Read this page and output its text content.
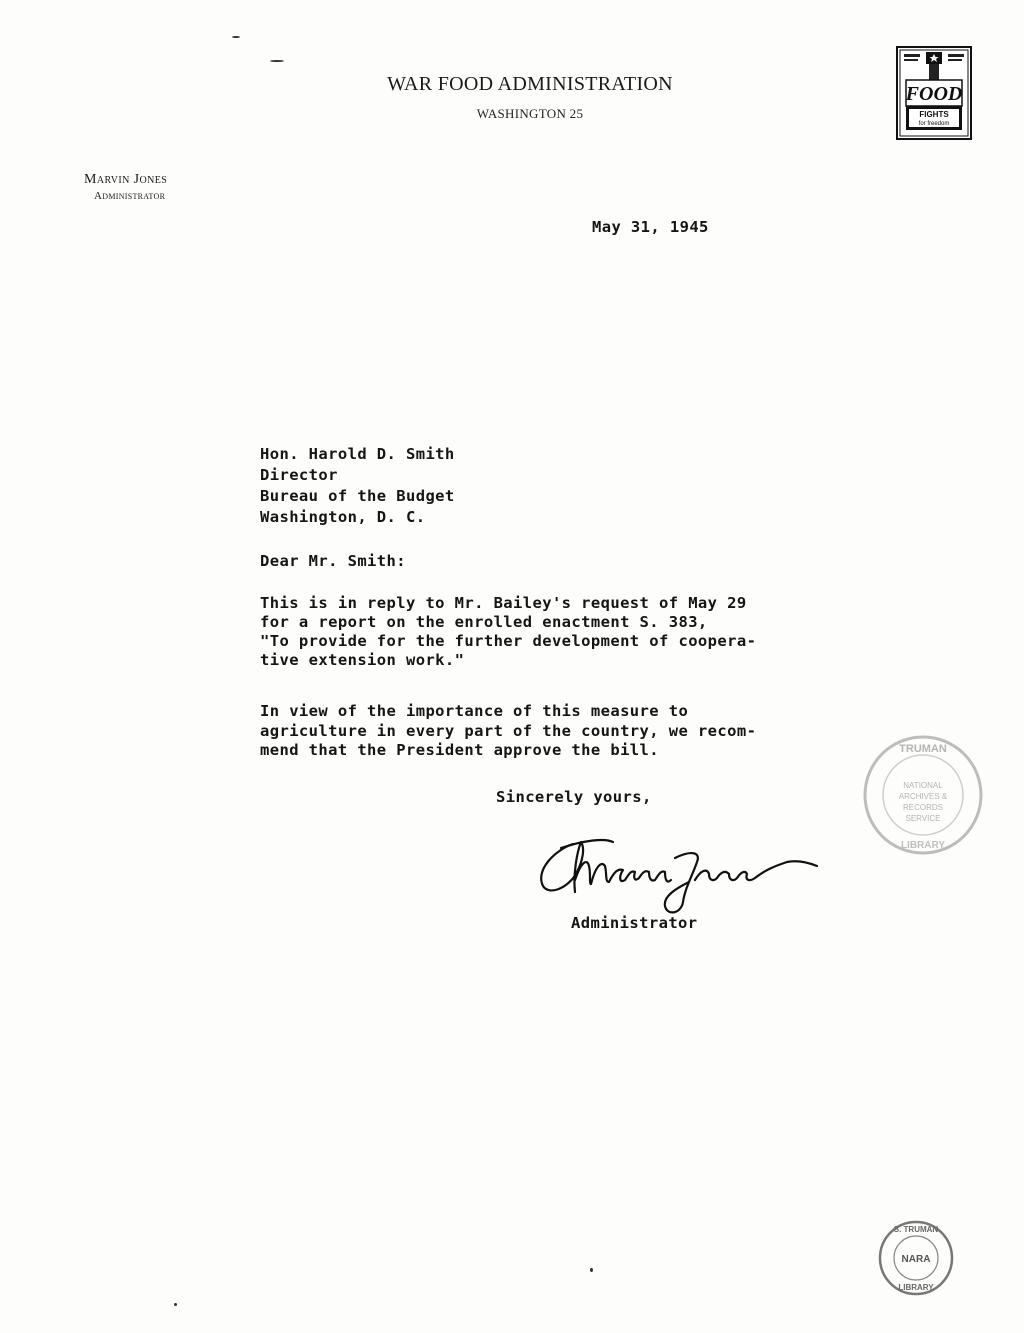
WAR FOOD ADMINISTRATION
WASHINGTON 25
Marvin Jones
Administrator
FOOD
FIGHTS
for freedom
May 31, 1945
Hon. Harold D. Smith
Director
Bureau of the Budget
Washington, D. C.
Dear Mr. Smith:
This is in reply to Mr. Bailey's request of May 29
for a report on the enrolled enactment S. 383,
"To provide for the further development of coopera-
tive extension work."
In view of the importance of this measure to
agriculture in every part of the country, we recom-
mend that the President approve the bill.
Sincerely yours,
Administrator
TRUMAN
NATIONAL
ARCHIVES &
RECORDS
SERVICE
LIBRARY
S. TRUMAN
NARA
LIBRARY
